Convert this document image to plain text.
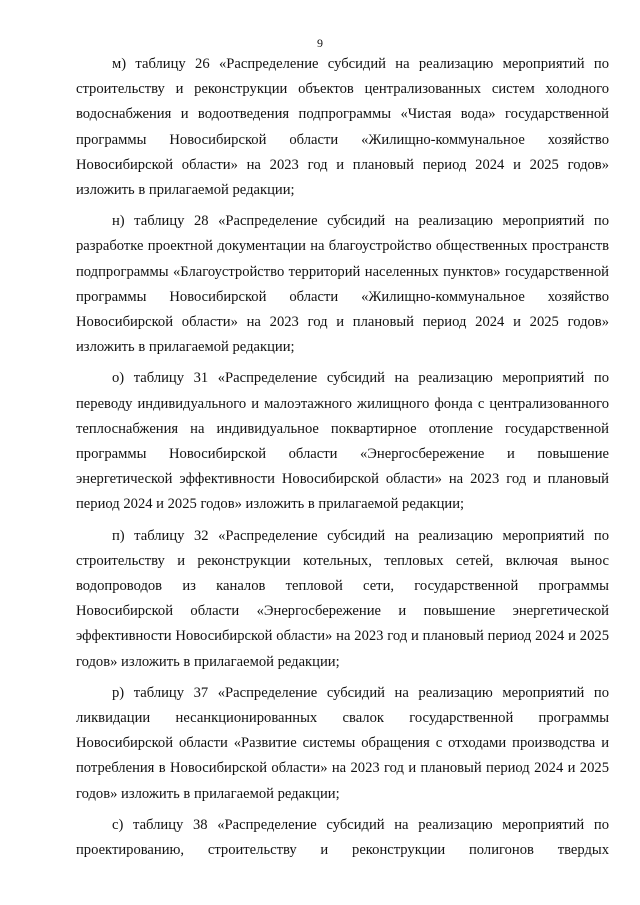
9

м) таблицу 26 «Распределение субсидий на реализацию мероприятий по строительству и реконструкции объектов централизованных систем холодного водоснабжения и водоотведения подпрограммы «Чистая вода» государственной программы Новосибирской области «Жилищно-коммунальное хозяйство Новосибирской области» на 2023 год и плановый период 2024 и 2025 годов» изложить в прилагаемой редакции;

н) таблицу 28 «Распределение субсидий на реализацию мероприятий по разработке проектной документации на благоустройство общественных пространств подпрограммы «Благоустройство территорий населенных пунктов» государственной программы Новосибирской области «Жилищно-коммунальное хозяйство Новосибирской области» на 2023 год и плановый период 2024 и 2025 годов» изложить в прилагаемой редакции;

о) таблицу 31 «Распределение субсидий на реализацию мероприятий по переводу индивидуального и малоэтажного жилищного фонда с централизованного теплоснабжения на индивидуальное поквартирное отопление государственной программы Новосибирской области «Энергосбережение и повышение энергетической эффективности Новосибирской области» на 2023 год и плановый период 2024 и 2025 годов» изложить в прилагаемой редакции;

п) таблицу 32 «Распределение субсидий на реализацию мероприятий по строительству и реконструкции котельных, тепловых сетей, включая вынос водопроводов из каналов тепловой сети, государственной программы Новосибирской области «Энергосбережение и повышение энергетической эффективности Новосибирской области» на 2023 год и плановый период 2024 и 2025 годов» изложить в прилагаемой редакции;

р) таблицу 37 «Распределение субсидий на реализацию мероприятий по ликвидации несанкционированных свалок государственной программы Новосибирской области «Развитие системы обращения с отходами производства и потребления в Новосибирской области» на 2023 год и плановый период 2024 и 2025 годов» изложить в прилагаемой редакции;

с) таблицу 38 «Распределение субсидий на реализацию мероприятий по проектированию, строительству и реконструкции полигонов твердых
